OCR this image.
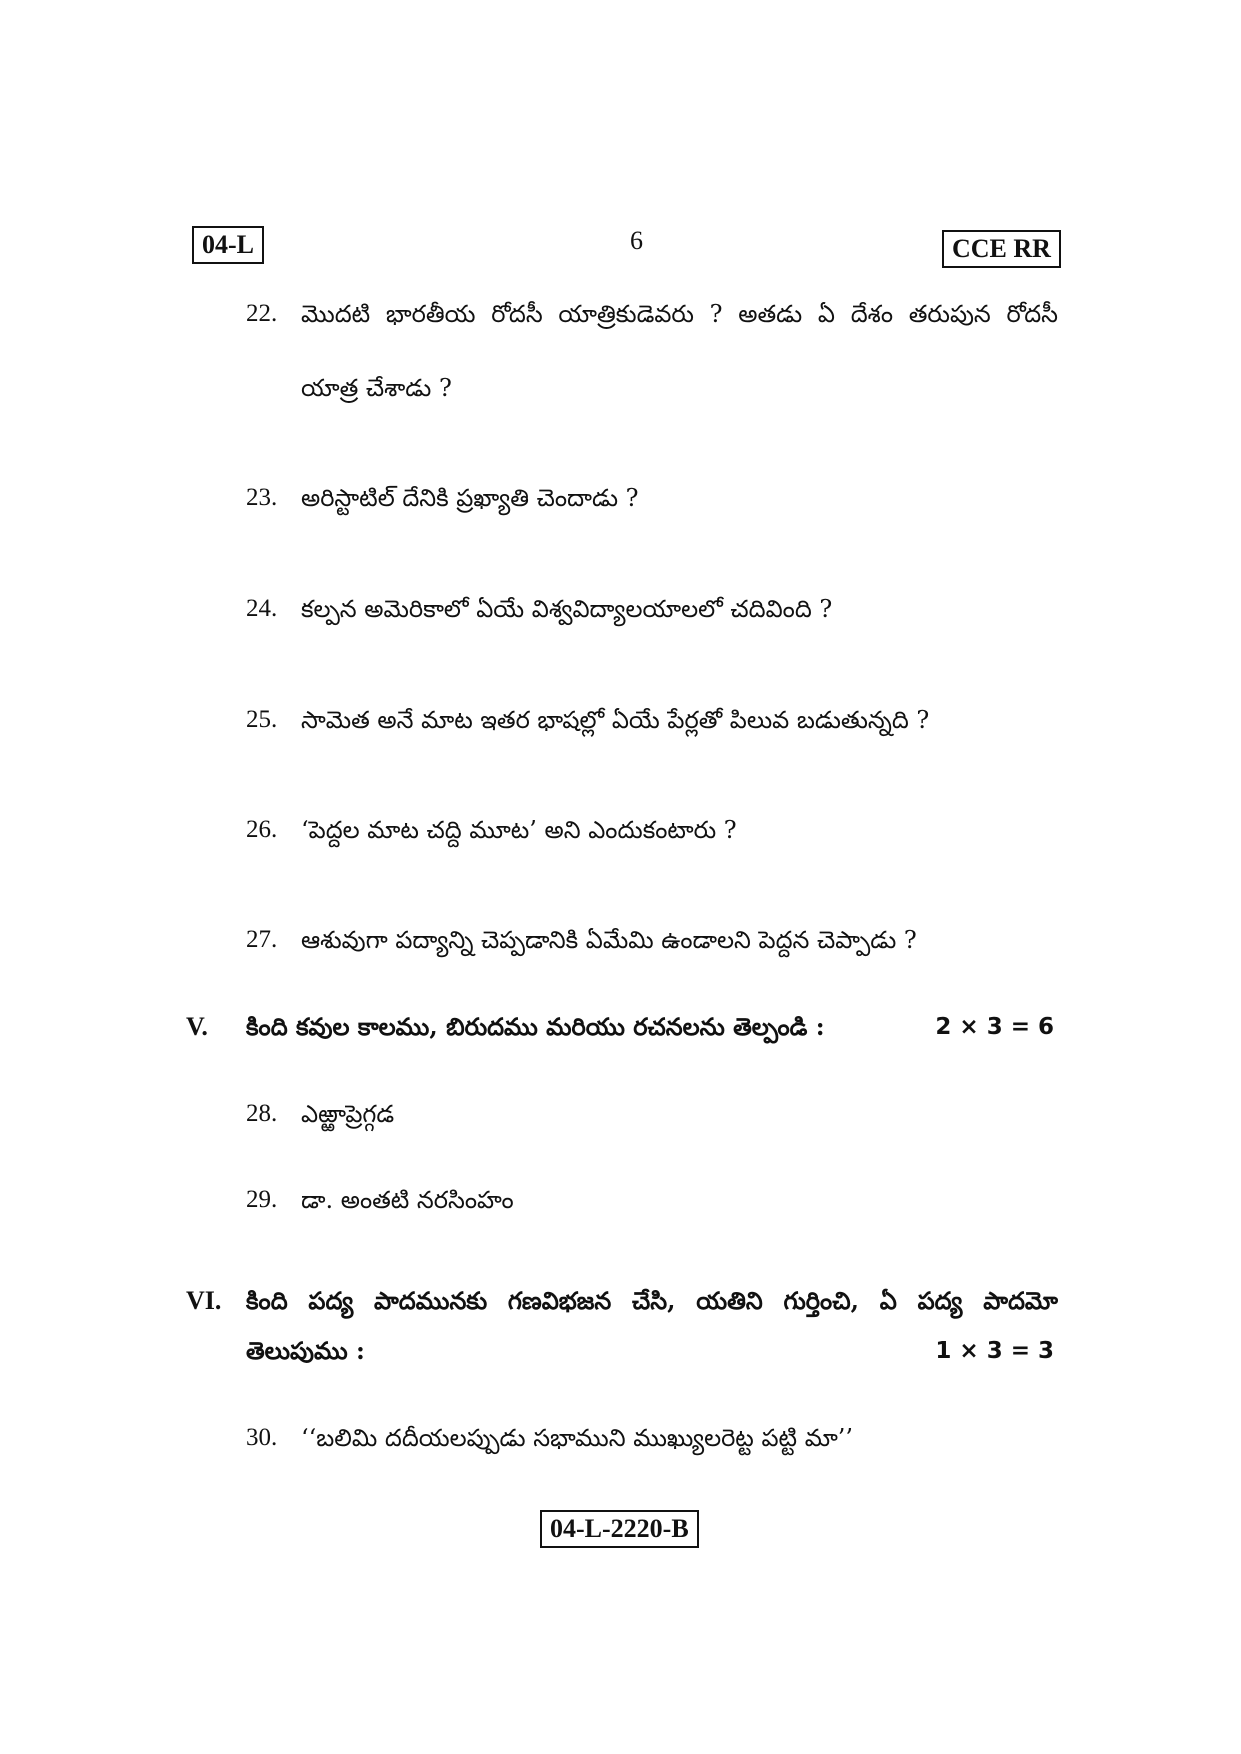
04-L	6	CCE RR
22. మొదటి భారతీయ రోదసీ యాత్రికుడెవరు ? అతడు ఏ దేశం తరుపున రోదసీ
యాత్ర చేశాడు ?
23. అరిస్టాటిల్ దేనికి ప్రఖ్యాతి చెందాడు ?
24. కల్పన అమెరికాలో ఏయే విశ్వవిద్యాలయాలలో చదివింది ?
25. సామెత అనే మాట ఇతర భాషల్లో ఏయే పేర్లతో పిలువ బడుతున్నది ?
26. ‘పెద్దల మాట చద్ది మూట’ అని ఎందుకంటారు ?
27. ఆశువుగా పద్యాన్ని చెప్పడానికి ఏమేమి ఉండాలని పెద్దన చెప్పాడు ?
V. కింది కవుల కాలము, బిరుదము మరియు రచనలను తెల్పండి :	2 × 3 = 6
28. ఎఱ్ఱాప్రెగ్గడ
29. డా. అంతటి నరసింహం
VI. కింది పద్య పాదమునకు గణవిభజన చేసి, యతిని గుర్తించి, ఏ పద్య పాదమో
తెలుపుము :	1 × 3 = 3
30. ‘‘బలిమి దదీయలప్పుడు సభాముని ముఖ్యులరెట్ట పట్టి మా’’
04-L-2220-B
